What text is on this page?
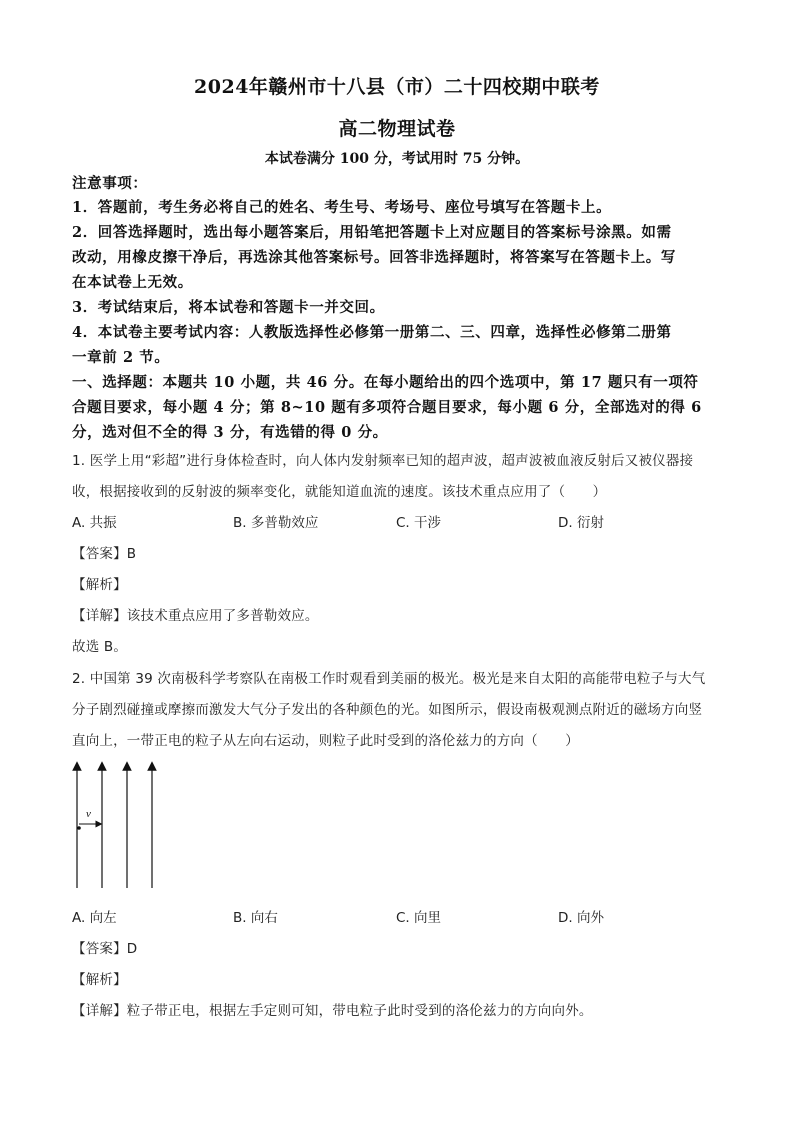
2024年赣州市十八县（市）二十四校期中联考
高二物理试卷
本试卷满分 100 分，考试用时 75 分钟。
注意事项：
1．答题前，考生务必将自己的姓名、考生号、考场号、座位号填写在答题卡上。
2．回答选择题时，选出每小题答案后，用铅笔把答题卡上对应题目的答案标号涂黑。如需
改动，用橡皮擦干净后，再选涂其他答案标号。回答非选择题时，将答案写在答题卡上。写
在本试卷上无效。
3．考试结束后，将本试卷和答题卡一并交回。
4．本试卷主要考试内容：人教版选择性必修第一册第二、三、四章，选择性必修第二册第
一章前 2 节。
一、选择题：本题共 10 小题，共 46 分。在每小题给出的四个选项中，第 17 题只有一项符
合题目要求，每小题 4 分；第 8~10 题有多项符合题目要求，每小题 6 分，全部选对的得 6
分，选对但不全的得 3 分，有选错的得 0 分。
1. 医学上用“彩超”进行身体检查时，向人体内发射频率已知的超声波，超声波被血液反射后又被仪器接
收，根据接收到的反射波的频率变化，就能知道血流的速度。该技术重点应用了（　　）
A. 共振	B. 多普勒效应	C. 干涉	D. 衍射
【答案】B
【解析】
【详解】该技术重点应用了多普勒效应。
故选 B。
2. 中国第 39 次南极科学考察队在南极工作时观看到美丽的极光。极光是来自太阳的高能带电粒子与大气
分子剧烈碰撞或摩擦而激发大气分子发出的各种颜色的光。如图所示，假设南极观测点附近的磁场方向竖
直向上，一带正电的粒子从左向右运动，则粒子此时受到的洛伦兹力的方向（　　）
v
A. 向左	B. 向右	C. 向里	D. 向外
【答案】D
【解析】
【详解】粒子带正电，根据左手定则可知，带电粒子此时受到的洛伦兹力的方向向外。
